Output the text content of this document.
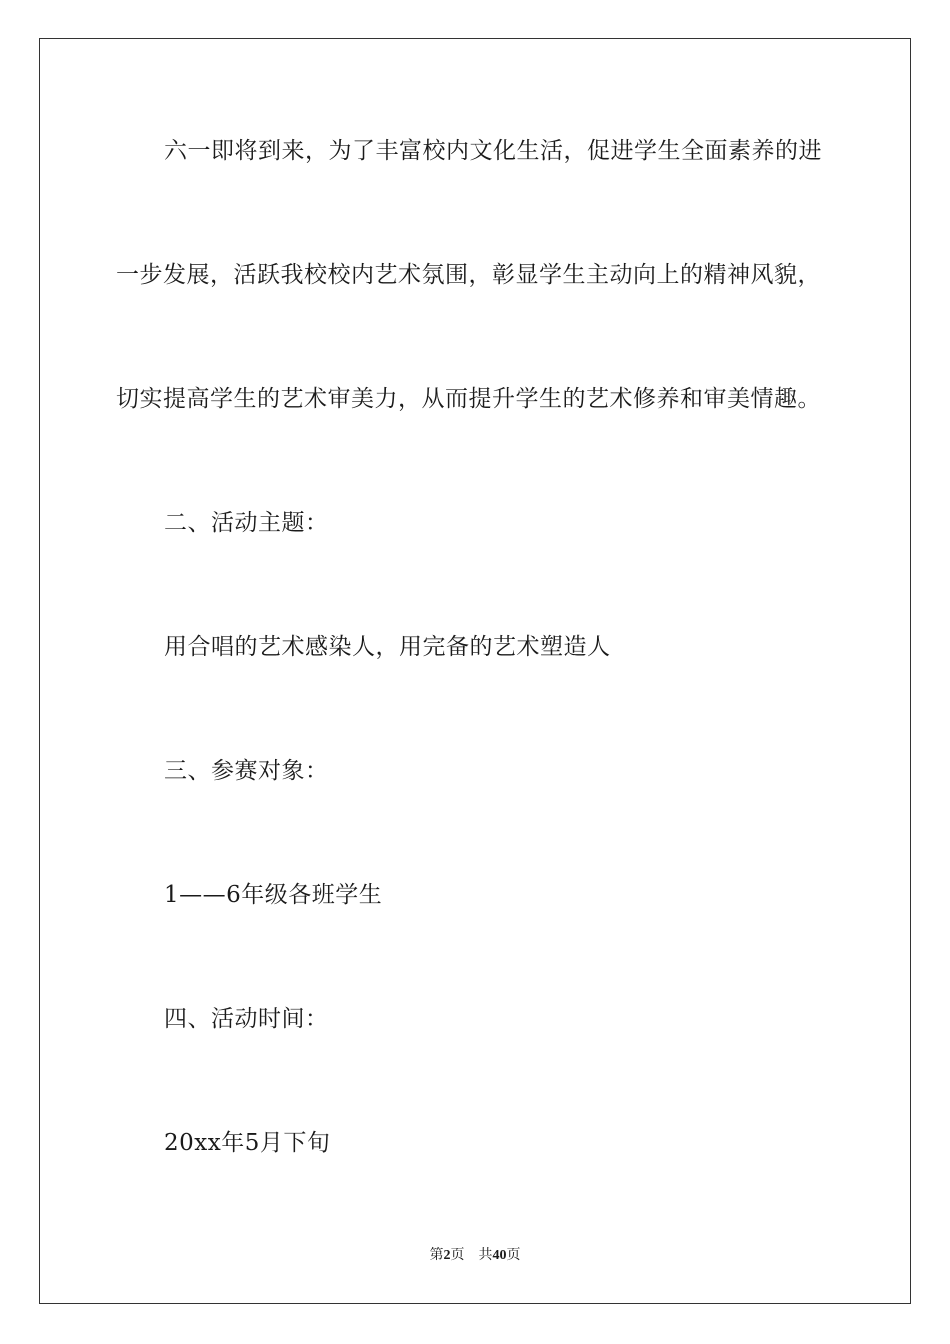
六一即将到来，为了丰富校内文化生活，促进学生全面素养的进
一步发展，活跃我校校内艺术氛围，彰显学生主动向上的精神风貌，
切实提高学生的艺术审美力，从而提升学生的艺术修养和审美情趣。
二、活动主题：
用合唱的艺术感染人，用完备的艺术塑造人
三、参赛对象：
1——6年级各班学生
四、活动时间：
20xx年5月下旬
第2页 共40页
